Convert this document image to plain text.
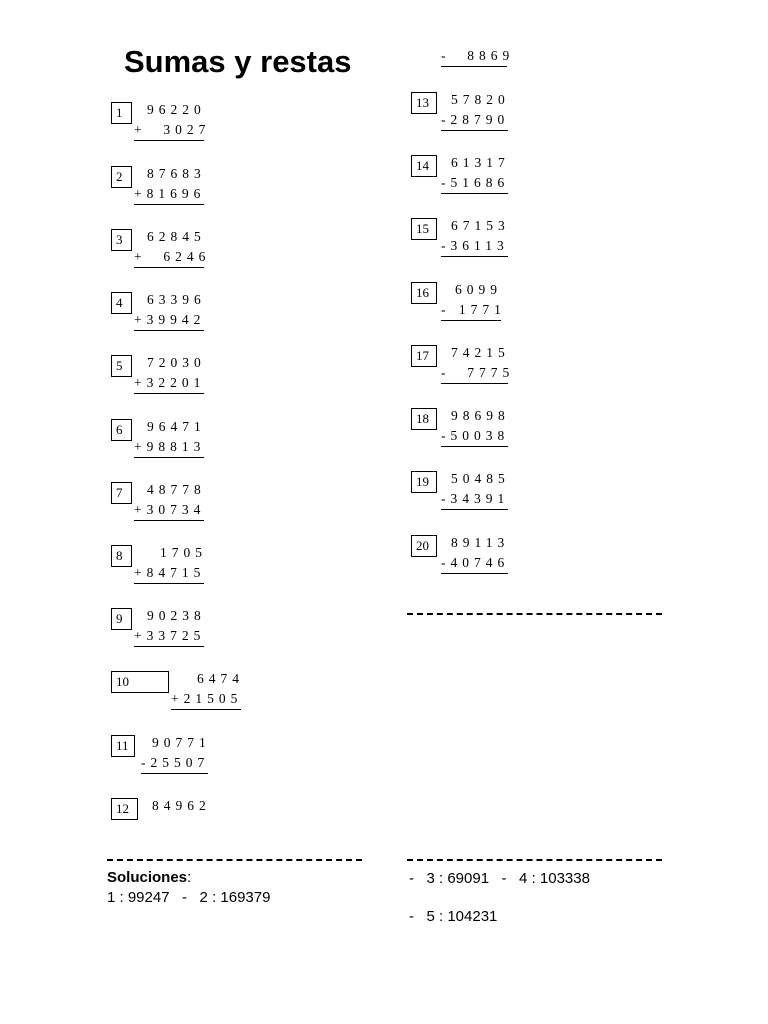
Sumas y restas	-  8869
1	96220
+  3027
2	87683
+81696
3	62845
+  6246
4	63396
+39942
5	72030
+32201
6	96471
+98813
7	48778
+30734
8	1705
+84715
9	90238
+33725
10	6474
+21505
11	90771
-25507
12	84962
13	57820
-28790
14	61317
-51686
15	67153
-36113
16	6099
- 1771
17	74215
-  7775
18	98698
-50038
19	50485
-34391
20	89113
-40746
Soluciones:
1 : 99247   -   2 : 169379
-   3 : 69091   -   4 : 103338
-   5 : 104231
